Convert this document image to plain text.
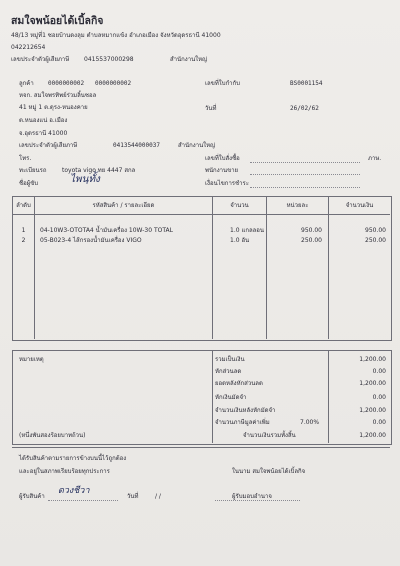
สมใจพน้อยได้เบิ้ลกิจ
48/13 หมู่ที่1 ซอยบ้านดงลุม ตำบลหมากแข้ง อำเภอเมือง จังหวัดอุดรธานี 41000
042212654
เลขประจำตัวผู้เสียภาษี 0415537000298	สำนักงานใหญ่
ลูกค้า 0000000002 0000000002
หจก. สมใจพรทิพย์ร่วมลิ้นซอล
41 หมู่ 1 ต.ดุรง-หนองคาย
ต.หนองแน่ อ.เมือง
จ.อุดรธานี 41000
เลขประจำตัวผู้เสียภาษี	0413544000037	สำนักงานใหญ่
โทร.
ทะเบียนรถ	toyota vigo ทย 4447 สกล
ชื่อผู้ขับ	ไพนฺทั้ง
เลขที่ใบกำกับ	BS0001154
วันที่	26/02/62
เลขที่ใบสั่งซื้อ	ภาษ.
พนักงานขาย
เงื่อนไขการชำระ
ลำดับ	รหัสสินค้า / รายละเอียด	จำนวน	หน่วยละ	จำนวนเงิน
1	04-10W3-OTOTA4 น้ำมันเครื่อง 10W-30 TOTAL	1.0 แกลลอน	950.00	950.00
2	05-B023-4 ไส้กรองน้ำมันเครื่อง VIGO	1.0 อัน	250.00	250.00
หมายเหตุ
(หนึ่งพันสองร้อยบาทถ้วน)
รวมเป็นเงิน	1,200.00
หักส่วนลด	0.00
ยอดหลังหักส่วนลด	1,200.00
หักเงินมัดจำ	0.00
จำนวนเงินหลังหักมัดจำ	1,200.00
จำนวนภาษีมูลค่าเพิ่ม	7.00%	0.00
จำนวนเงินรวมทั้งสิ้น	1,200.00
ได้รับสินค้าตามรายการข้างบนนี้ไว้ถูกต้อง
และอยู่ในสภาพเรียบร้อยทุกประการ	ในนาม สมใจพน้อยได้เบิ้ลกิจ
ผู้รับสินค้า
ดวงชีวา
วันที่	/ /	ผู้รับมอบอำนาจ
